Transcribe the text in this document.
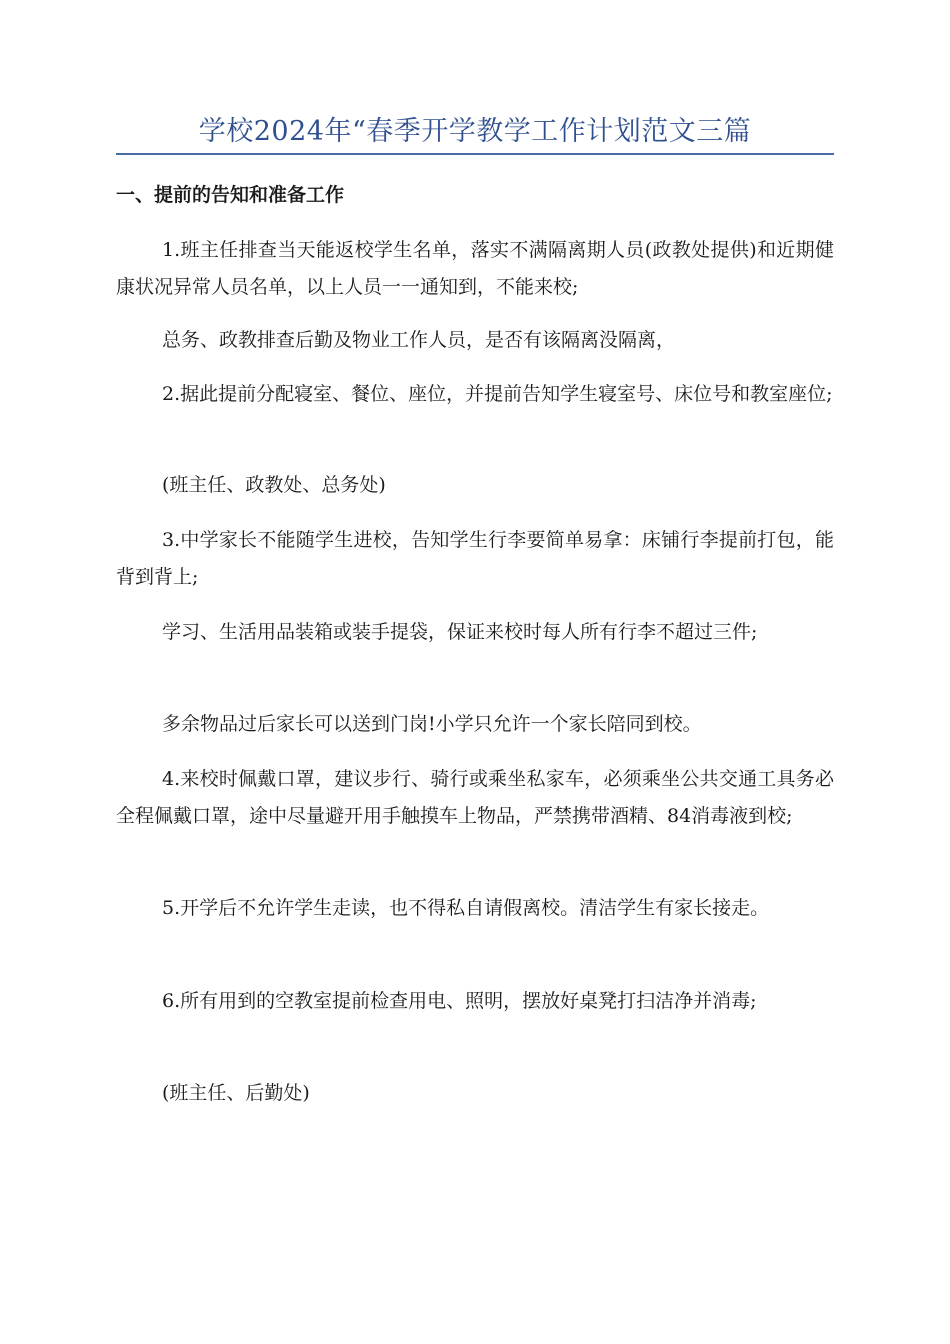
学校2024年“春季开学教学工作计划范文三篇
一、提前的告知和准备工作

1.班主任排查当天能返校学生名单，落实不满隔离期人员(政教处提供)和近期健康状况异常人员名单，以上人员一一通知到，不能来校;

总务、政教排查后勤及物业工作人员，是否有该隔离没隔离，

2.据此提前分配寝室、餐位、座位，并提前告知学生寝室号、床位号和教室座位;

(班主任、政教处、总务处)

3.中学家长不能随学生进校，告知学生行李要简单易拿：床铺行李提前打包，能背到背上;

学习、生活用品装箱或装手提袋，保证来校时每人所有行李不超过三件;

多余物品过后家长可以送到门岗!小学只允许一个家长陪同到校。

4.来校时佩戴口罩，建议步行、骑行或乘坐私家车，必须乘坐公共交通工具务必全程佩戴口罩，途中尽量避开用手触摸车上物品，严禁携带酒精、84消毒液到校;

5.开学后不允许学生走读，也不得私自请假离校。清洁学生有家长接走。

6.所有用到的空教室提前检查用电、照明，摆放好桌凳打扫洁净并消毒;

(班主任、后勤处)
